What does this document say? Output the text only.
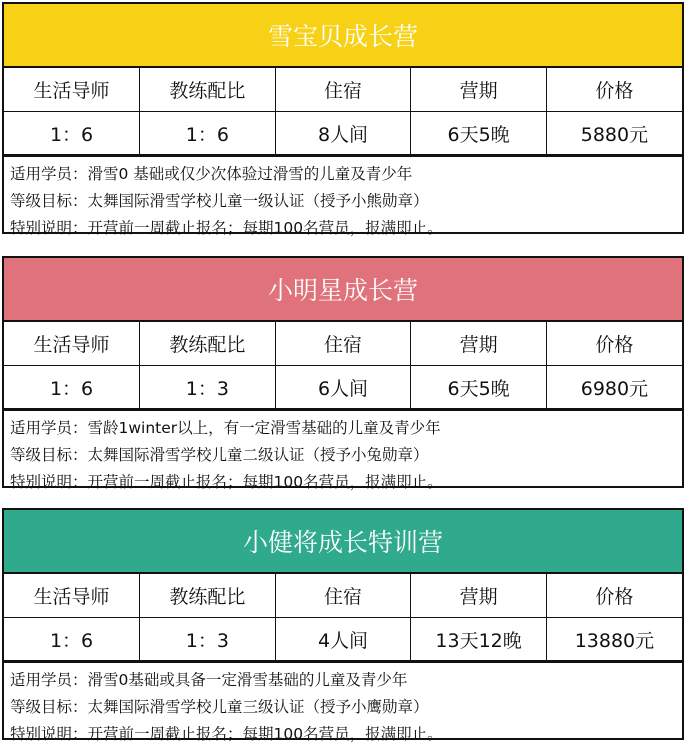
雪宝贝成长营
生活导师	教练配比	住宿	营期	价格
1：6	1：6	8人间	6天5晚	5880元
适用学员：滑雪0 基础或仅少次体验过滑雪的儿童及青少年
等级目标：太舞国际滑雪学校儿童一级认证（授予小熊勋章）
特别说明：开营前一周截止报名；每期100名营员，报满即止。
小明星成长营
生活导师	教练配比	住宿	营期	价格
1：6	1：3	6人间	6天5晚	6980元
适用学员：雪龄1winter以上，有一定滑雪基础的儿童及青少年
等级目标：太舞国际滑雪学校儿童二级认证（授予小兔勋章）
特别说明：开营前一周截止报名；每期100名营员，报满即止。
小健将成长特训营
生活导师	教练配比	住宿	营期	价格
1：6	1：3	4人间	13天12晚	13880元
适用学员：滑雪0基础或具备一定滑雪基础的儿童及青少年
等级目标：太舞国际滑雪学校儿童三级认证（授予小鹰勋章）
特别说明：开营前一周截止报名；每期100名营员，报满即止。
